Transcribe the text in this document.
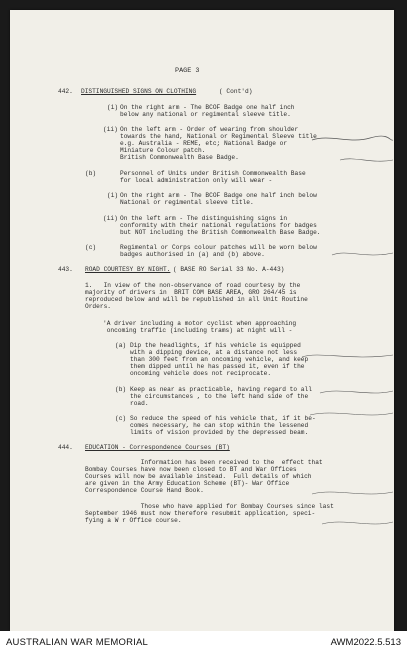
PAGE 3
442. DISTINGUISHED SIGNS ON CLOTHING	( Cont'd)
(i) On the right arm - The BCOF Badge one half inch
below any national or regimental sleeve title.
(ii) On the left arm - Order of wearing from shoulder
towards the hand, National or Regimental Sleeve title
e.g. Australia - REME, etc; National Badge or
Miniature Colour patch.
British Commonwealth Base Badge.
(b)	Personnel of Units under British Commonwealth Base
for local administration only will wear -
(i) On the right arm - The BCOF Badge one half inch below
National or regimental sleeve title.
(ii) On the left arm - The distinguishing signs in
conformity with their national regulations for badges
but NOT including the British Commonwealth Base Badge.
(c)	Regimental or Corps colour patches will be worn below
badges authorised in (a) and (b) above.
443. ROAD COURTESY BY NIGHT. ( BASE RO Serial 33 No. A-443)
1.   In view of the non-observance of road courtesy by the
majority of drivers in  BRIT COM BASE AREA, GRO 264/45 is
reproduced below and will be republished in all Unit Routine
Orders.
'A driver including a motor cyclist when approaching
oncoming traffic (including trams) at night will -
(a) Dip the headlights, if his vehicle is equipped
with a dipping device, at a distance not less
than 300 feet from an oncoming vehicle, and keep
them dipped until he has passed it, even if the
oncoming vehicle does not reciprocate.
(b) Keep as near as practicable, having regard to all
the circumstances , to the left hand side of the
road.
(c) So reduce the speed of his vehicle that, if it be-
comes necessary, he can stop within the lessened
limits of vision provided by the depressed beam.
444. EDUCATION - Correspondence Courses (BT)
Information has been received to the  effect that
Bombay Courses have now been closed to BT and War Offices
Courses will now be available instead.  Full details of which
are given in the Army Education Scheme (BT)- War Office
Correspondence Course Hand Book.
Those who have applied for Bombay Courses since last
September 1946 must now therefore resubmit application, speci-
fying a W r Office course.
AUSTRALIAN WAR MEMORIAL	AWM2022.5.513
